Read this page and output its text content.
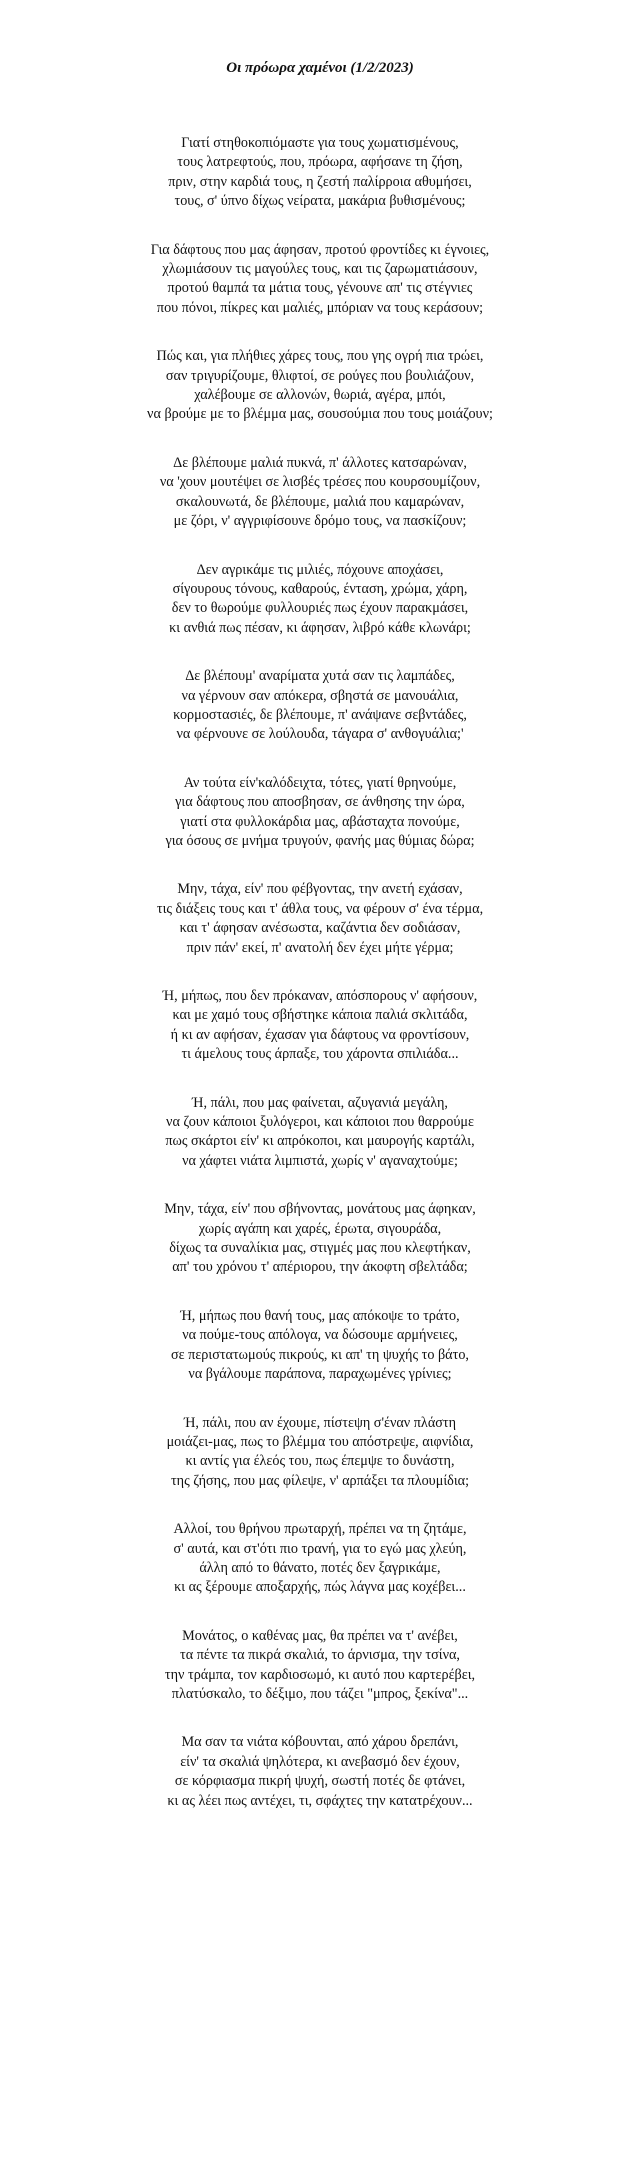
Οι πρόωρα χαμένοι (1/2/2023)
Γιατί στηθοκοπιόμαστε για τους χωματισμένους,
τους λατρεφτούς, που, πρόωρα, αφήσανε τη ζήση,
πριν, στην καρδιά τους, η ζεστή παλίρροια αθυμήσει,
τους, σ' ύπνο δίχως νείρατα, μακάρια βυθισμένους;
Για δάφτους που μας άφησαν, προτού φροντίδες κι έγνοιες,
χλωμιάσουν τις μαγούλες τους, και τις ζαρωματιάσουν,
προτού θαμπά τα μάτια τους, γένουνε απ' τις στέγνιες
που πόνοι, πίκρες και μαλιές, μπόριαν να τους κεράσουν;
Πώς και, για πλήθιες χάρες τους, που γης ογρή πια τρώει,
σαν τριγυρίζουμε, θλιφτοί, σε ρούγες που βουλιάζουν,
χαλέβουμε σε αλλονών, θωριά, αγέρα, μπόι,
να βρούμε με το βλέμμα μας, σουσούμια που τους μοιάζουν;
Δε βλέπουμε μαλιά πυκνά, π' άλλοτες κατσαρώναν,
να 'χουν μουτέψει σε λισβές τρέσες που κουρσουμίζουν,
σκαλουνωτά, δε βλέπουμε, μαλιά που καμαρώναν,
με ζόρι, ν' αγγριφίσουνε δρόμο τους, να πασκίζουν;
Δεν αγρικάμε τις μιλιές, πόχουνε αποχάσει,
σίγουρους τόνους, καθαρούς, ένταση, χρώμα, χάρη,
δεν το θωρούμε φυλλουριές πως έχουν παρακμάσει,
κι ανθιά πως πέσαν, κι άφησαν, λιβρό κάθε κλωνάρι;
Δε βλέπουμ' αναρίματα χυτά σαν τις λαμπάδες,
να γέρνουν σαν απόκερα, σβηστά σε μανουάλια,
κορμοστασιές, δε βλέπουμε, π' ανάψανε σεβντάδες,
να φέρνουνε σε λούλουδα, τάγαρα σ' ανθογυάλια;'
Αν τούτα είν'καλόδειχτα, τότες, γιατί θρηνούμε,
για δάφτους που αποσβησαν, σε άνθησης την ώρα,
γιατί στα φυλλοκάρδια μας, αβάσταχτα πονούμε,
για όσους σε μνήμα τρυγούν, φανής μας θύμιας δώρα;
Μην, τάχα, είν' που φέβγοντας, την ανετή εχάσαν,
τις διάξεις τους και τ' άθλα τους, να φέρουν σ' ένα τέρμα,
και τ' άφησαν ανέσωστα, καζάντια δεν σοδιάσαν,
πριν πάν' εκεί, π' ανατολή δεν έχει μήτε γέρμα;
Ή, μήπως, που δεν πρόκαναν, απόσπορους ν' αφήσουν,
και με χαμό τους σβήστηκε κάποια παλιά σκλιτάδα,
ή κι αν αφήσαν, έχασαν για δάφτους να φροντίσουν,
τι άμελους τους άρπαξε, του χάροντα σπιλιάδα...
Ή, πάλι, που μας φαίνεται, αζυγανιά μεγάλη,
να ζουν κάποιοι ξυλόγεροι, και κάποιοι που θαρρούμε
πως σκάρτοι είν' κι απρόκοποι, και μαυρογής καρτάλι,
να χάφτει νιάτα λιμπιστά, χωρίς ν' αγαναχτούμε;
Μην, τάχα, είν' που σβήνοντας, μονάτους μας άφηκαν,
χωρίς αγάπη και χαρές, έρωτα, σιγουράδα,
δίχως τα συναλίκια μας, στιγμές μας που κλεφτήκαν,
απ' του χρόνου τ' απέριορου, την άκοφτη σβελτάδα;
Ή, μήπως που θανή τους, μας απόκοψε το τράτο,
να πούμε-τους απόλογα, να δώσουμε αρμήνειες,
σε περιστατωμούς πικρούς, κι απ' τη ψυχής το βάτο,
να βγάλουμε παράπονα, παραχωμένες γρίνιες;
Ή, πάλι, που αν έχουμε, πίστεψη σ'έναν πλάστη
μοιάζει-μας, πως το βλέμμα του απόστρεψε, αιφνίδια,
κι αντίς για έλεός του, πως έπεμψε το δυνάστη,
της ζήσης, που μας φίλεψε, ν' αρπάξει τα πλουμίδια;
Αλλοί, του θρήνου πρωταρχή, πρέπει να τη ζητάμε,
σ' αυτά, και στ'ότι πιο τρανή, για το εγώ μας χλεύη,
άλλη από το θάνατο, ποτές δεν ξαγρικάμε,
κι ας ξέρουμε αποξαρχής, πώς λάγνα μας κοχέβει...
Μονάτος, ο καθένας μας, θα πρέπει να τ' ανέβει,
τα πέντε τα πικρά σκαλιά, το άρνισμα, την τσίνα,
την τράμπα, τον καρδιοσωμό, κι αυτό που καρτερέβει,
πλατύσκαλο, το δέξιμο, που τάζει "μπρος, ξεκίνα"...
Μα σαν τα νιάτα κόβουνται, από χάρου δρεπάνι,
είν' τα σκαλιά ψηλότερα, κι ανεβασμό δεν έχουν,
σε κόρφιασμα πικρή ψυχή, σωστή ποτές δε φτάνει,
κι ας λέει πως αντέχει, τι, σφάχτες την κατατρέχουν...
